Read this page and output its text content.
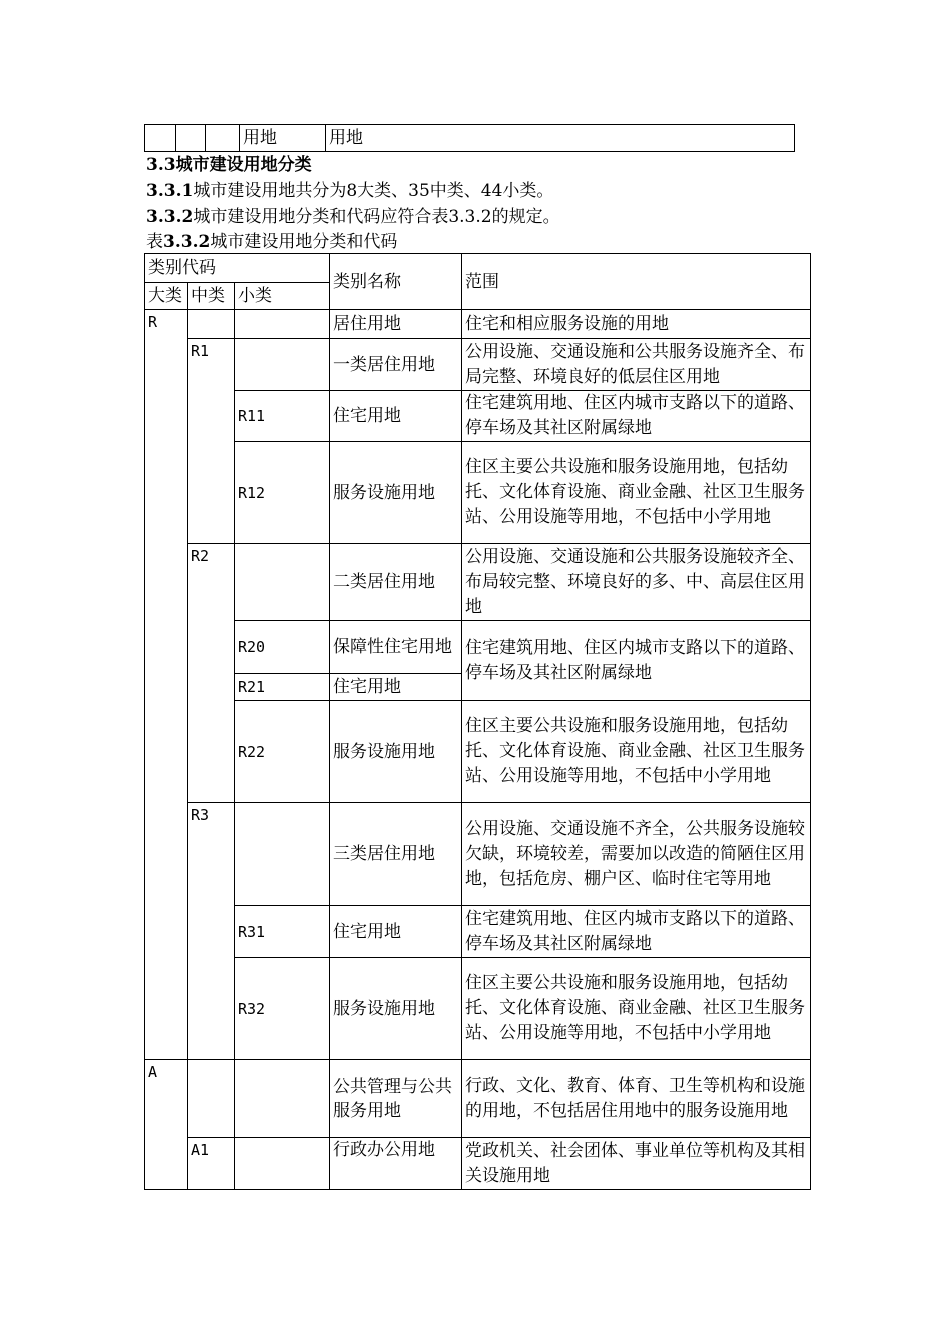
			用地	用地
3.3城市建设用地分类
3.3.1城市建设用地共分为8大类、35中类、44小类。
3.3.2城市建设用地分类和代码应符合表3.3.2的规定。
表3.3.2城市建设用地分类和代码
类别代码			类别名称	范围
大类	中类	小类		
R			居住用地	住宅和相应服务设施的用地
	R1		一类居住用地	公用设施、交通设施和公共服务设施齐全、布局完整、环境良好的低层住区用地
		R11	住宅用地	住宅建筑用地、住区内城市支路以下的道路、停车场及其社区附属绿地
		R12	服务设施用地	住区主要公共设施和服务设施用地，包括幼托、文化体育设施、商业金融、社区卫生服务站、公用设施等用地，不包括中小学用地
	R2		二类居住用地	公用设施、交通设施和公共服务设施较齐全、布局较完整、环境良好的多、中、高层住区用地
		R20	保障性住宅用地	住宅建筑用地、住区内城市支路以下的道路、停车场及其社区附属绿地
		R21	住宅用地	
		R22	服务设施用地	住区主要公共设施和服务设施用地，包括幼托、文化体育设施、商业金融、社区卫生服务站、公用设施等用地，不包括中小学用地
	R3		三类居住用地	公用设施、交通设施不齐全，公共服务设施较欠缺，环境较差，需要加以改造的简陋住区用地，包括危房、棚户区、临时住宅等用地
		R31	住宅用地	住宅建筑用地、住区内城市支路以下的道路、停车场及其社区附属绿地
		R32	服务设施用地	住区主要公共设施和服务设施用地，包括幼托、文化体育设施、商业金融、社区卫生服务站、公用设施等用地，不包括中小学用地
A			公共管理与公共服务用地	行政、文化、教育、体育、卫生等机构和设施的用地，不包括居住用地中的服务设施用地
	A1		行政办公用地	党政机关、社会团体、事业单位等机构及其相关设施用地
